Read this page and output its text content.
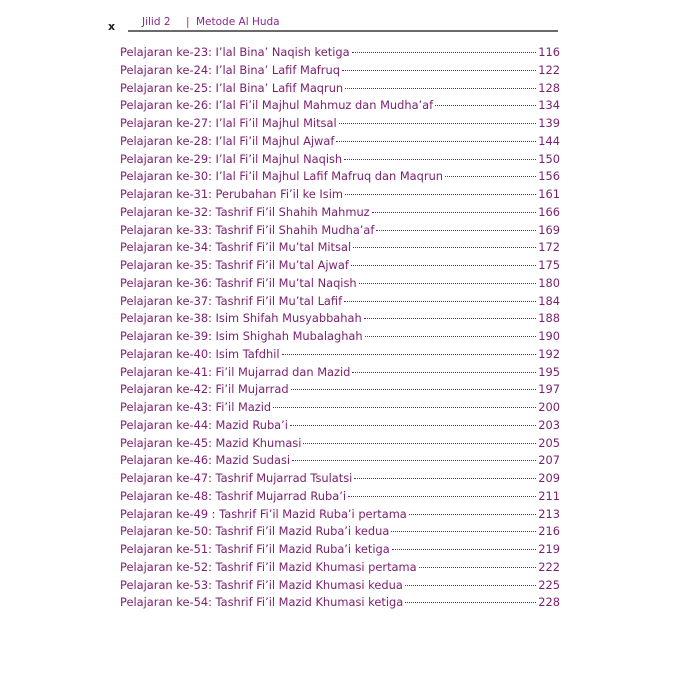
x	Jilid 2 | Metode Al Huda
Pelajaran ke-23: I’lal Bina’ Naqish ketiga	116
Pelajaran ke-24: I’lal Bina’ Lafif Mafruq	122
Pelajaran ke-25: I’lal Bina’ Lafif Maqrun	128
Pelajaran ke-26: I’lal Fi’il Majhul Mahmuz dan Mudha’af	134
Pelajaran ke-27: I’lal Fi’il Majhul Mitsal	139
Pelajaran ke-28: I’lal Fi’il Majhul Ajwaf	144
Pelajaran ke-29: I’lal Fi’il Majhul Naqish	150
Pelajaran ke-30: I’lal Fi’il Majhul Lafif Mafruq dan Maqrun	156
Pelajaran ke-31: Perubahan Fi’il ke Isim	161
Pelajaran ke-32: Tashrif Fi’il Shahih Mahmuz	166
Pelajaran ke-33: Tashrif Fi’il Shahih Mudha’af	169
Pelajaran ke-34: Tashrif Fi’il Mu’tal Mitsal	172
Pelajaran ke-35: Tashrif Fi’il Mu’tal Ajwaf	175
Pelajaran ke-36: Tashrif Fi’il Mu’tal Naqish	180
Pelajaran ke-37: Tashrif Fi’il Mu’tal Lafif	184
Pelajaran ke-38: Isim Shifah Musyabbahah	188
Pelajaran ke-39: Isim Shighah Mubalaghah	190
Pelajaran ke-40: Isim Tafdhil	192
Pelajaran ke-41: Fi’il Mujarrad dan Mazid	195
Pelajaran ke-42: Fi’il Mujarrad	197
Pelajaran ke-43: Fi’il Mazid	200
Pelajaran ke-44: Mazid Ruba’i	203
Pelajaran ke-45: Mazid Khumasi	205
Pelajaran ke-46: Mazid Sudasi	207
Pelajaran ke-47: Tashrif Mujarrad Tsulatsi	209
Pelajaran ke-48: Tashrif Mujarrad Ruba’i	211
Pelajaran ke-49 : Tashrif Fi’il Mazid Ruba’i pertama	213
Pelajaran ke-50: Tashrif Fi’il Mazid Ruba’i kedua	216
Pelajaran ke-51: Tashrif Fi’il Mazid Ruba’i ketiga	219
Pelajaran ke-52: Tashrif Fi’il Mazid Khumasi pertama	222
Pelajaran ke-53: Tashrif Fi’il Mazid Khumasi kedua	225
Pelajaran ke-54: Tashrif Fi’il Mazid Khumasi ketiga	228
